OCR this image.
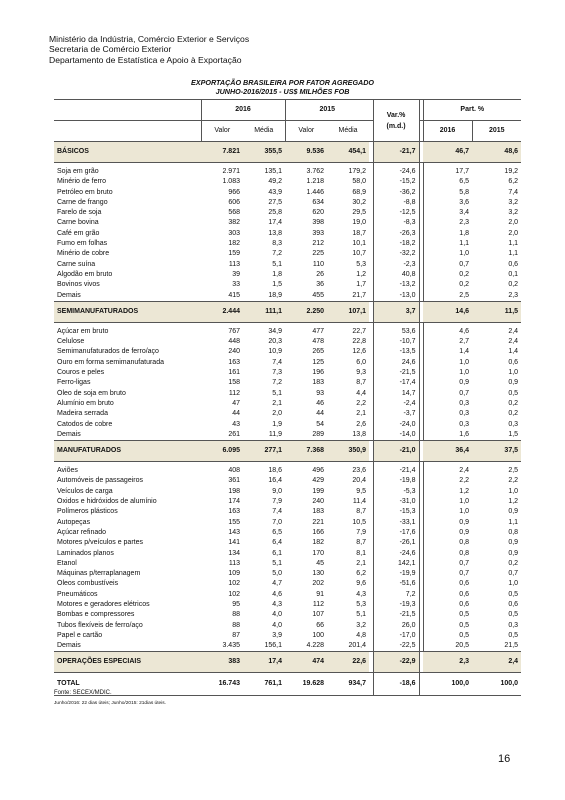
Ministério da Indústria, Comércio Exterior e Serviços
Secretaria de Comércio Exterior
Departamento de Estatística e Apoio à Exportação
EXPORTAÇÃO BRASILEIRA POR FATOR AGREGADO
JUNHO-2016/2015 - US$ MILHÕES FOB
	2016		2015			Var.%
(m.d.)		Part. %	
	Valor	Média	Valor	Média				2016	2015
BÁSICOS	7.821	355,5	9.536	454,1		-21,7		46,7	48,6
Soja em grão	2.971	135,1	3.762	179,2		-24,6		17,7	19,2
Minério de ferro	1.083	49,2	1.218	58,0		-15,2		6,5	6,2
Petróleo em bruto	966	43,9	1.446	68,9		-36,2		5,8	7,4
Carne de frango	606	27,5	634	30,2		-8,8		3,6	3,2
Farelo de soja	568	25,8	620	29,5		-12,5		3,4	3,2
Carne bovina	382	17,4	398	19,0		-8,3		2,3	2,0
Café em grão	303	13,8	393	18,7		-26,3		1,8	2,0
Fumo em folhas	182	8,3	212	10,1		-18,2		1,1	1,1
Minério de cobre	159	7,2	225	10,7		-32,2		1,0	1,1
Carne suína	113	5,1	110	5,3		-2,3		0,7	0,6
Algodão em bruto	39	1,8	26	1,2		40,8		0,2	0,1
Bovinos vivos	33	1,5	36	1,7		-13,2		0,2	0,2
Demais	415	18,9	455	21,7		-13,0		2,5	2,3
SEMIMANUFATURADOS	2.444	111,1	2.250	107,1		3,7		14,6	11,5
Açúcar em bruto	767	34,9	477	22,7		53,6		4,6	2,4
Celulose	448	20,3	478	22,8		-10,7		2,7	2,4
Semimanufaturados de ferro/aço	240	10,9	265	12,6		-13,5		1,4	1,4
Ouro em forma semimanufaturada	163	7,4	125	6,0		24,6		1,0	0,6
Couros e peles	161	7,3	196	9,3		-21,5		1,0	1,0
Ferro-ligas	158	7,2	183	8,7		-17,4		0,9	0,9
Óleo de soja em bruto	112	5,1	93	4,4		14,7		0,7	0,5
Alumínio em bruto	47	2,1	46	2,2		-2,4		0,3	0,2
Madeira serrada	44	2,0	44	2,1		-3,7		0,3	0,2
Catodos de cobre	43	1,9	54	2,6		-24,0		0,3	0,3
Demais	261	11,9	289	13,8		-14,0		1,6	1,5
MANUFATURADOS	6.095	277,1	7.368	350,9		-21,0		36,4	37,5
Aviões	408	18,6	496	23,6		-21,4		2,4	2,5
Automóveis de passageiros	361	16,4	429	20,4		-19,8		2,2	2,2
Veículos de carga	198	9,0	199	9,5		-5,3		1,2	1,0
Óxidos e hidróxidos de alumínio	174	7,9	240	11,4		-31,0		1,0	1,2
Polímeros plásticos	163	7,4	183	8,7		-15,3		1,0	0,9
Autopeças	155	7,0	221	10,5		-33,1		0,9	1,1
Açúcar refinado	143	6,5	166	7,9		-17,6		0,9	0,8
Motores p/veículos e partes	141	6,4	182	8,7		-26,1		0,8	0,9
Laminados planos	134	6,1	170	8,1		-24,6		0,8	0,9
Etanol	113	5,1	45	2,1		142,1		0,7	0,2
Máquinas p/terraplanagem	109	5,0	130	6,2		-19,9		0,7	0,7
Óleos combustíveis	102	4,7	202	9,6		-51,6		0,6	1,0
Pneumáticos	102	4,6	91	4,3		7,2		0,6	0,5
Motores e geradores elétricos	95	4,3	112	5,3		-19,3		0,6	0,6
Bombas e compressores	88	4,0	107	5,1		-21,5		0,5	0,5
Tubos flexíveis de ferro/aço	88	4,0	66	3,2		26,0		0,5	0,3
Papel e cartão	87	3,9	100	4,8		-17,0		0,5	0,5
Demais	3.435	156,1	4.228	201,4		-22,5		20,5	21,5
OPERAÇÕES ESPECIAIS	383	17,4	474	22,6		-22,9		2,3	2,4
TOTAL	16.743	761,1	19.628	934,7		-18,6		100,0	100,0
Fonte: SECEX/MDIC.
Junho/2016: 22 dias úteis; Junho/2015: 21dias úteis.
16
